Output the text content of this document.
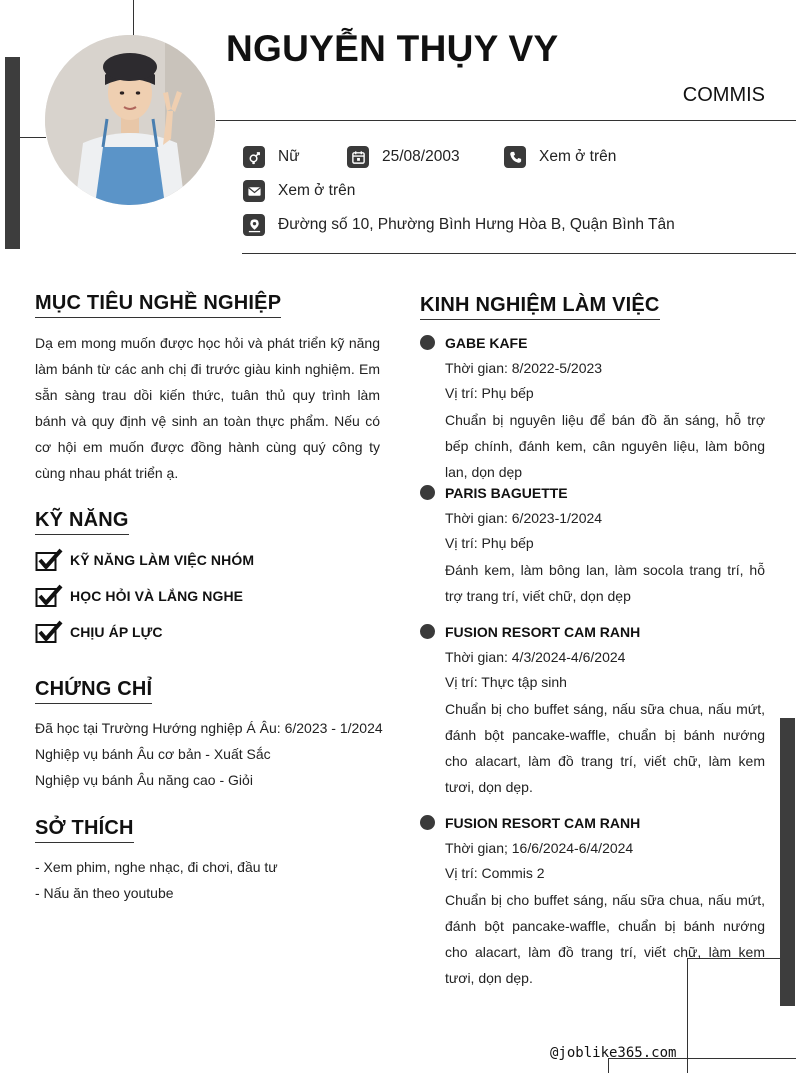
NGUYỄN THỤY VY
COMMIS
Nữ	25/08/2003	Xem ở trên
Xem ở trên
Đường số 10, Phường Bình Hưng Hòa B, Quận Bình Tân
MỤC TIÊU NGHỀ NGHIỆP
Dạ em mong muốn được học hỏi và phát triển kỹ năng làm bánh từ các anh chị đi trước giàu kinh nghiệm. Em sẵn sàng trau dồi kiến thức, tuân thủ quy trình làm bánh và quy định vệ sinh an toàn thực phẩm. Nếu có cơ hội em muốn được đồng hành cùng quý công ty cùng nhau phát triển ạ.
KỸ NĂNG
KỸ NĂNG LÀM VIỆC NHÓM
HỌC HỎI VÀ LẮNG NGHE
CHỊU ÁP LỰC
CHỨNG CHỈ
Đã học tại Trường Hướng nghiệp Á Âu: 6/2023 - 1/2024
Nghiệp vụ bánh Âu cơ bản - Xuất Sắc
Nghiệp vụ bánh Âu năng cao - Giỏi
SỞ THÍCH
- Xem phim, nghe nhạc, đi chơi, đầu tư
- Nấu ăn theo youtube
KINH NGHIỆM LÀM VIỆC
GABE KAFE
Thời gian: 8/2022-5/2023
Vị trí: Phụ bếp
Chuẩn bị nguyên liệu để bán đồ ăn sáng, hỗ trợ bếp chính, đánh kem, cân nguyên liệu, làm bông lan, dọn dẹp
PARIS BAGUETTE
Thời gian: 6/2023-1/2024
Vị trí: Phụ bếp
Đánh kem, làm bông lan, làm socola trang trí, hỗ trợ trang trí, viết chữ, dọn dẹp
FUSION RESORT CAM RANH
Thời gian: 4/3/2024-4/6/2024
Vị trí: Thực tập sinh
Chuẩn bị cho buffet sáng, nấu sữa chua, nấu mứt, đánh bột pancake-waffle, chuẩn bị bánh nướng cho alacart, làm đồ trang trí, viết chữ, làm kem tươi, dọn dẹp.
FUSION RESORT CAM RANH
Thời gian; 16/6/2024-6/4/2024
Vị trí: Commis 2
Chuẩn bị cho buffet sáng, nấu sữa chua, nấu mứt, đánh bột pancake-waffle, chuẩn bị bánh nướng cho alacart, làm đồ trang trí, viết chữ, làm kem tươi, dọn dẹp.
@joblike365.com
